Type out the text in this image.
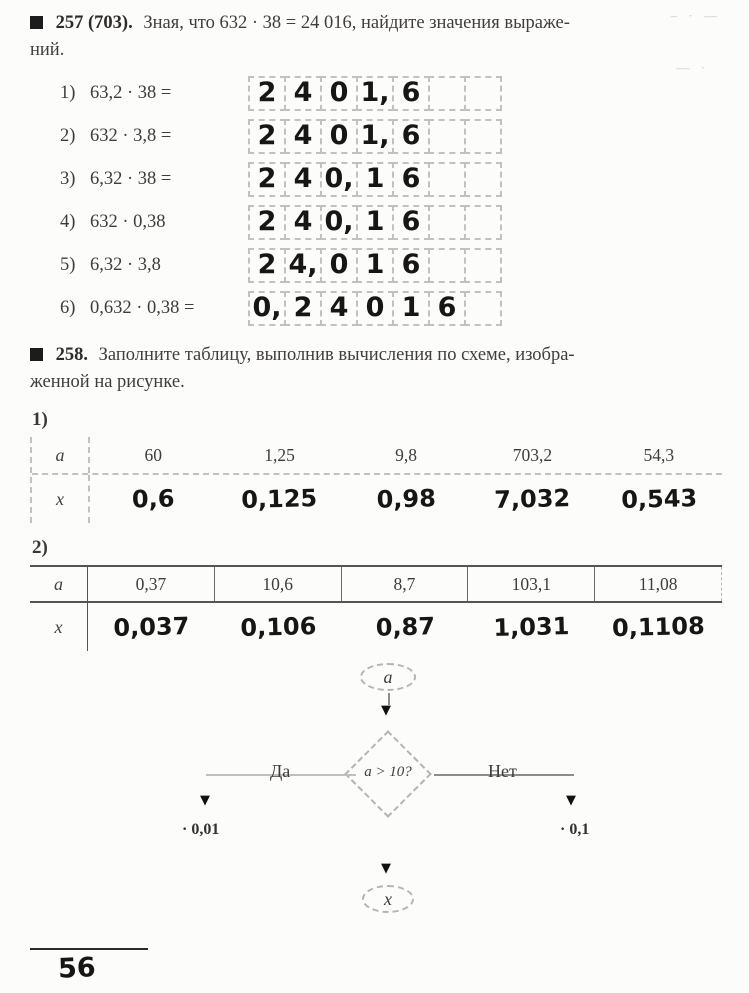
– · —
— ·

257 (703). Зная, что 632 · 38 = 24 016, найдите значения выраже-

ний.

1) 63,2 · 38 =	2 4 0 1, 6
2) 632 · 3,8 =	2 4 0 1, 6
3) 6,32 · 38 =	2 4 0, 1 6
4) 632 · 0,38	2 4 0, 1 6
5) 6,32 · 3,8	2 4, 0 1 6
6) 0,632 · 0,38 =	0, 2 4 0 1 6

258. Заполните таблицу, выполнив вычисления по схеме, изобра-

женной на рисунке.

1)
a	60	1,25	9,8	703,2	54,3
x	0,6	0,125	0,98	7,032	0,543
2)
a	0,37	10,6	8,7	103,1	11,08
x	0,037	0,106	0,87	1,031	0,1108
a
▼
a > 10?
Да	Нет
▼	▼
· 0,01	· 0,1
▼
x
56
